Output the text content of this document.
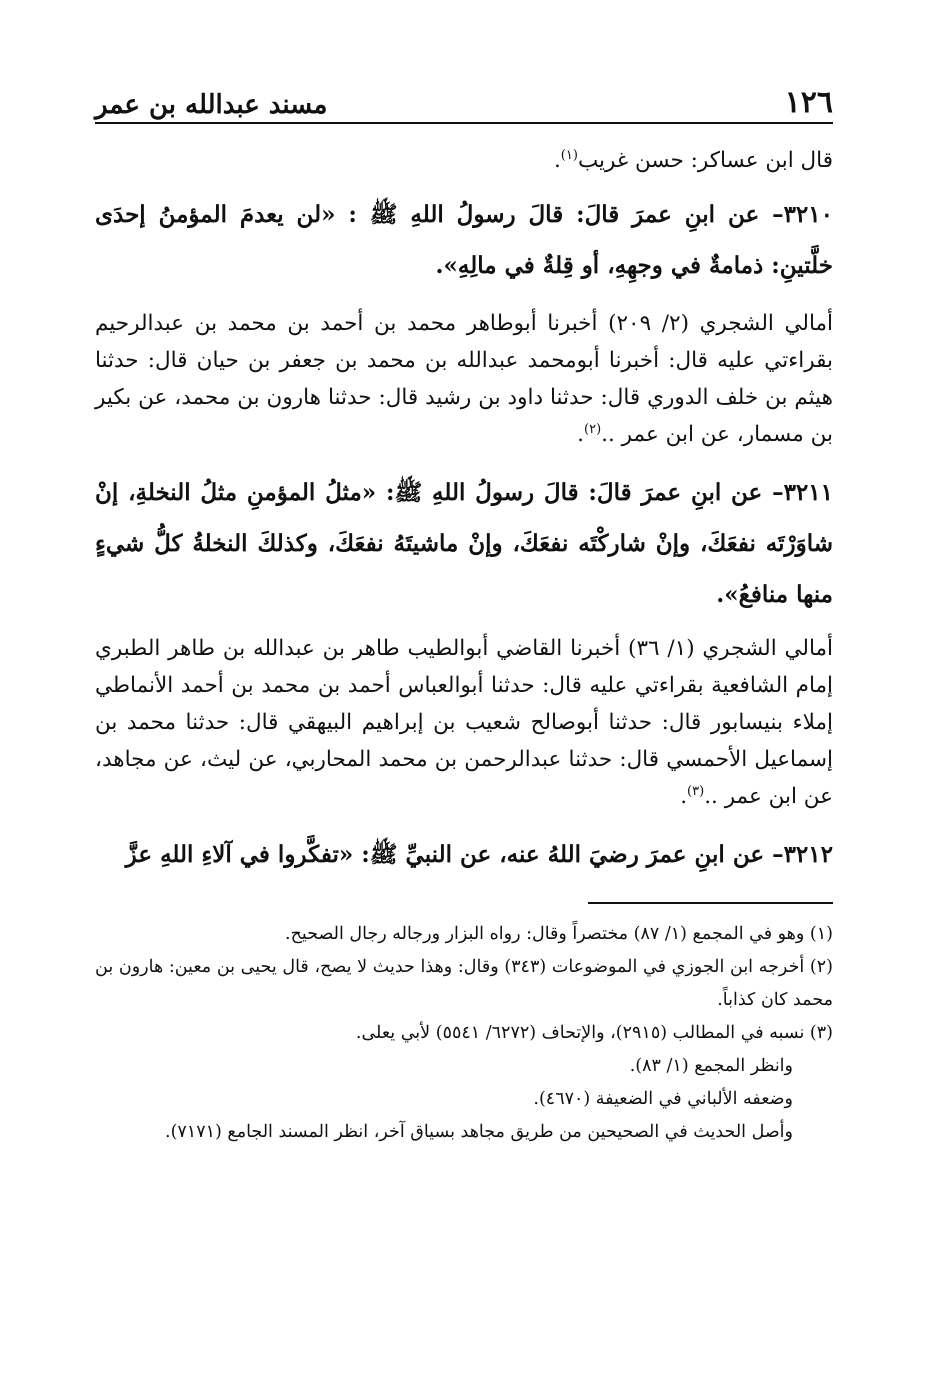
١٢٦
مسند عبدالله بن عمر

قال ابن عساكر: حسن غريب$^{(١)}$.

٣٢١٠– عن ابنِ عمرَ قالَ: قالَ رسولُ اللهِ ﷺ : «لن يعدمَ المؤمنُ إحدَى خلَّتينِ: ذمامةٌ في وجهِهِ، أو قِلةٌ في مالِهِ».

أمالي الشجري (٢/ ٢٠٩) أخبرنا أبوطاهر محمد بن أحمد بن محمد بن عبدالرحيم بقراءتي عليه قال: أخبرنا أبومحمد عبدالله بن محمد بن جعفر بن حيان قال: حدثنا هيثم بن خلف الدوري قال: حدثنا داود بن رشيد قال: حدثنا هارون بن محمد، عن بكير بن مسمار، عن ابن عمر ..$^{(٢)}$.

٣٢١١– عن ابنِ عمرَ قالَ: قالَ رسولُ اللهِ ﷺ: «مثلُ المؤمنِ مثلُ النخلةِ، إنْ شاوَرْتَه نفعَكَ، وإنْ شاركْتَه نفعَكَ، وإنْ ماشيتَهُ نفعَكَ، وكذلكَ النخلةُ كلُّ شيءٍ منها منافعُ».

أمالي الشجري (١/ ٣٦) أخبرنا القاضي أبوالطيب طاهر بن عبدالله بن طاهر الطبري إمام الشافعية بقراءتي عليه قال: حدثنا أبوالعباس أحمد بن محمد بن أحمد الأنماطي إملاء بنيسابور قال: حدثنا أبوصالح شعيب بن إبراهيم البيهقي قال: حدثنا محمد بن إسماعيل الأحمسي قال: حدثنا عبدالرحمن بن محمد المحاربي، عن ليث، عن مجاهد، عن ابن عمر ..$^{(٣)}$.

٣٢١٢– عن ابنِ عمرَ رضيَ اللهُ عنه، عن النبيِّ ﷺ: «تفكَّروا في آلاءِ اللهِ عزَّ

(١) وهو في المجمع (١/ ٨٧) مختصراً وقال: رواه البزار ورجاله رجال الصحيح.

(٢) أخرجه ابن الجوزي في الموضوعات (٣٤٣) وقال: وهذا حديث لا يصح، قال يحيى بن معين: هارون بن محمد كان كذاباً.

(٣) نسبه في المطالب (٢٩١٥)، والإتحاف (٦٢٧٢/ ٥٥٤١) لأبي يعلى.

وانظر المجمع (١/ ٨٣).

وضعفه الألباني في الضعيفة (٤٦٧٠).

وأصل الحديث في الصحيحين من طريق مجاهد بسياق آخر، انظر المسند الجامع (٧١٧١).
